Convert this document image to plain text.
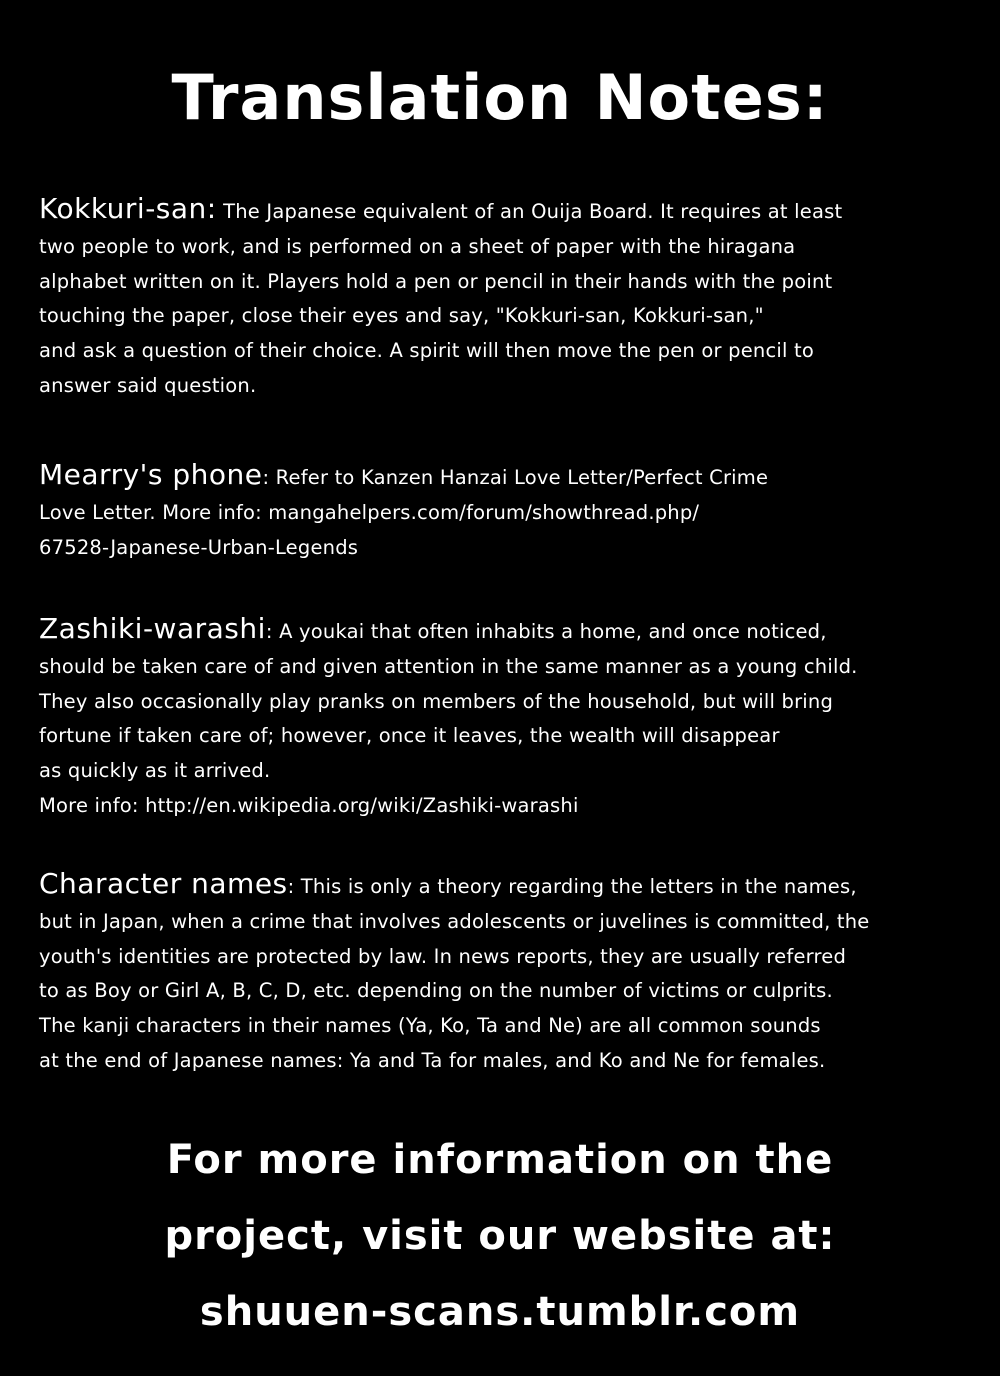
Translation Notes:
Kokkuri-san: The Japanese equivalent of an Ouija Board. It requires at least
two people to work, and is performed on a sheet of paper with the hiragana
alphabet written on it. Players hold a pen or pencil in their hands with the point
touching the paper, close their eyes and say, "Kokkuri-san, Kokkuri-san,"
and ask a question of their choice. A spirit will then move the pen or pencil to
answer said question.
Mearry's phone: Refer to Kanzen Hanzai Love Letter/Perfect Crime
Love Letter. More info: mangahelpers.com/forum/showthread.php/
67528-Japanese-Urban-Legends
Zashiki-warashi: A youkai that often inhabits a home, and once noticed,
should be taken care of and given attention in the same manner as a young child.
They also occasionally play pranks on members of the household, but will bring
fortune if taken care of; however, once it leaves, the wealth will disappear
as quickly as it arrived.
More info: http://en.wikipedia.org/wiki/Zashiki-warashi
Character names: This is only a theory regarding the letters in the names,
but in Japan, when a crime that involves adolescents or juvelines is committed, the
youth's identities are protected by law. In news reports, they are usually referred
to as Boy or Girl A, B, C, D, etc. depending on the number of victims or culprits.
The kanji characters in their names (Ya, Ko, Ta and Ne) are all common sounds
at the end of Japanese names: Ya and Ta for males, and Ko and Ne for females.
For more information on the
project, visit our website at:
shuuen-scans.tumblr.com
